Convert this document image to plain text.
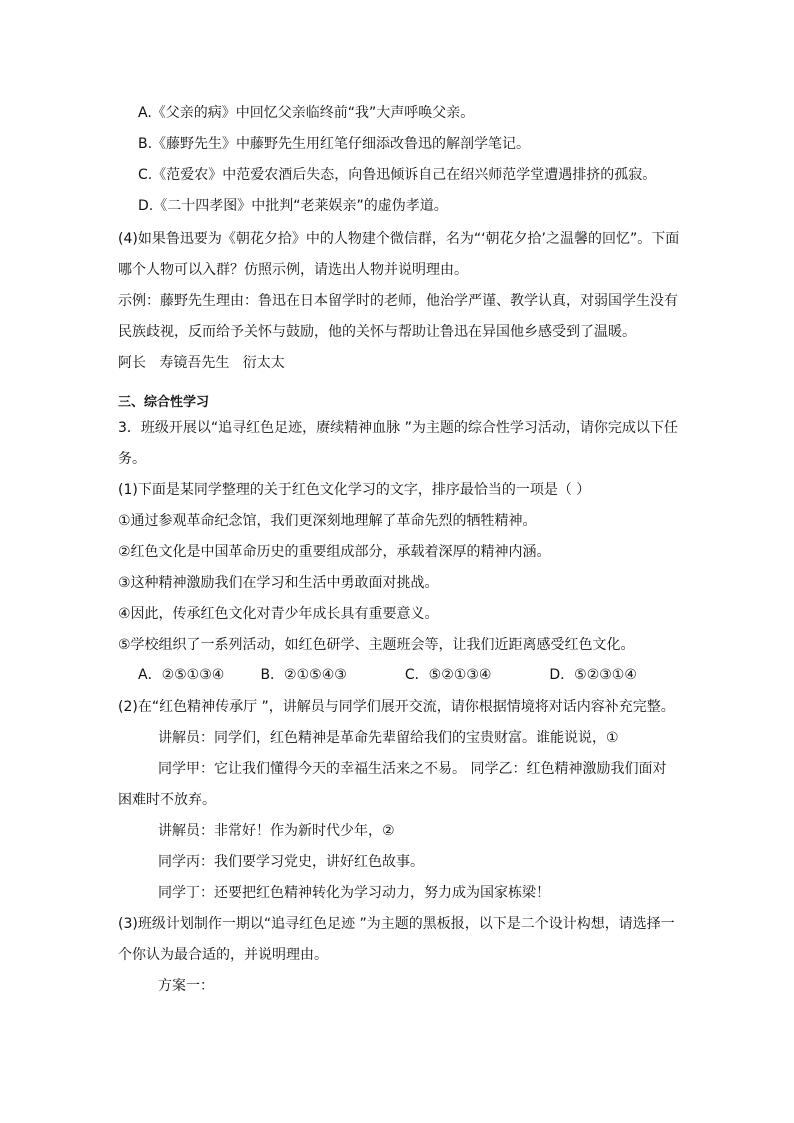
A.《父亲的病》中回忆父亲临终前“我”大声呼唤父亲。
B.《藤野先生》中藤野先生用红笔仔细添改鲁迅的解剖学笔记。
C.《范爱农》中范爱农酒后失态，向鲁迅倾诉自己在绍兴师范学堂遭遇排挤的孤寂。
D.《二十四孝图》中批判“老莱娱亲”的虚伪孝道。
(4)如果鲁迅要为《朝花夕拾》中的人物建个微信群，名为“‘朝花夕拾’之温馨的回忆”。下面
哪个人物可以入群？仿照示例，请选出人物并说明理由。
示例：藤野先生理由：鲁迅在日本留学时的老师，他治学严谨、教学认真，对弱国学生没有
民族歧视，反而给予关怀与鼓励，他的关怀与帮助让鲁迅在异国他乡感受到了温暖。
阿长   寿镜吾先生   衍太太
三、综合性学习
3．班级开展以“追寻红色足迹，赓续精神血脉 ”为主题的综合性学习活动，请你完成以下任
务。
(1)下面是某同学整理的关于红色文化学习的文字，排序最恰当的一项是（ ）
①通过参观革命纪念馆，我们更深刻地理解了革命先烈的牺牲精神。
②红色文化是中国革命历史的重要组成部分，承载着深厚的精神内涵。
③这种精神激励我们在学习和生活中勇敢面对挑战。
④因此，传承红色文化对青少年成长具有重要意义。
⑤学校组织了一系列活动，如红色研学、主题班会等，让我们近距离感受红色文化。
A．②⑤①③④	B．②①⑤④③	C．⑤②①③④	D．⑤②③①④
(2)在“红色精神传承厅 ”，讲解员与同学们展开交流，请你根据情境将对话内容补充完整。
讲解员：同学们，红色精神是革命先辈留给我们的宝贵财富。谁能说说，①
同学甲：它让我们懂得今天的幸福生活来之不易。 同学乙：红色精神激励我们面对
困难时不放弃。
讲解员：非常好！作为新时代少年，②
同学丙：我们要学习党史，讲好红色故事。
同学丁：还要把红色精神转化为学习动力，努力成为国家栋梁！
(3)班级计划制作一期以“追寻红色足迹 ”为主题的黑板报，以下是二个设计构想，请选择一
个你认为最合适的，并说明理由。
方案一：
